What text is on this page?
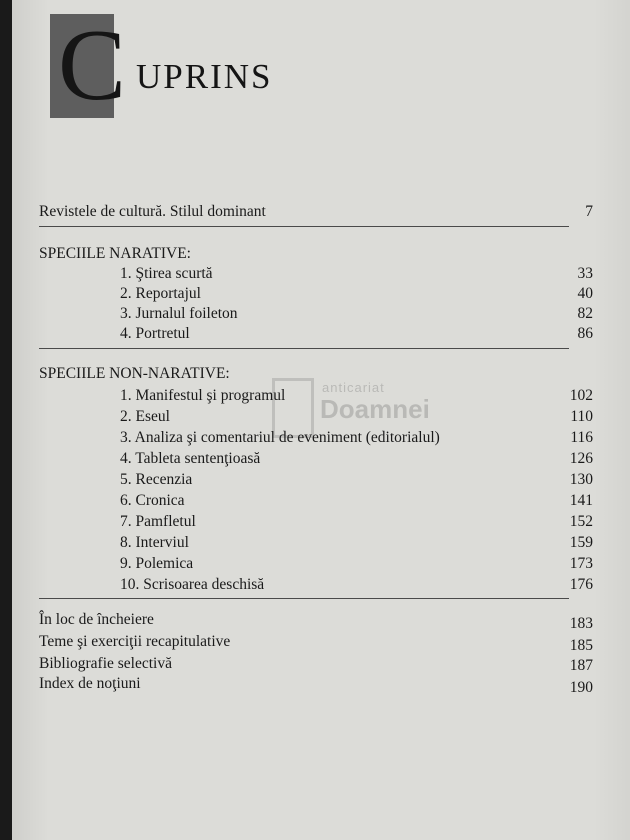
C UPRINS
anticariat
Doamnei
Revistele de cultură. Stilul dominant	7
SPECIILE NARATIVE:
1. Ştirea scurtă	33
2. Reportajul	40
3. Jurnalul foileton	82
4. Portretul	86
SPECIILE NON-NARATIVE:
1. Manifestul şi programul	102
2. Eseul	110
3. Analiza şi comentariul de eveniment (editorialul)	116
4. Tableta sentenţioasă	126
5. Recenzia	130
6. Cronica	141
7. Pamfletul	152
8. Interviul	159
9. Polemica	173
10. Scrisoarea deschisă	176
În loc de încheiere	183
Teme şi exerciţii recapitulative	185
Bibliografie selectivă	187
Index de noţiuni	190
